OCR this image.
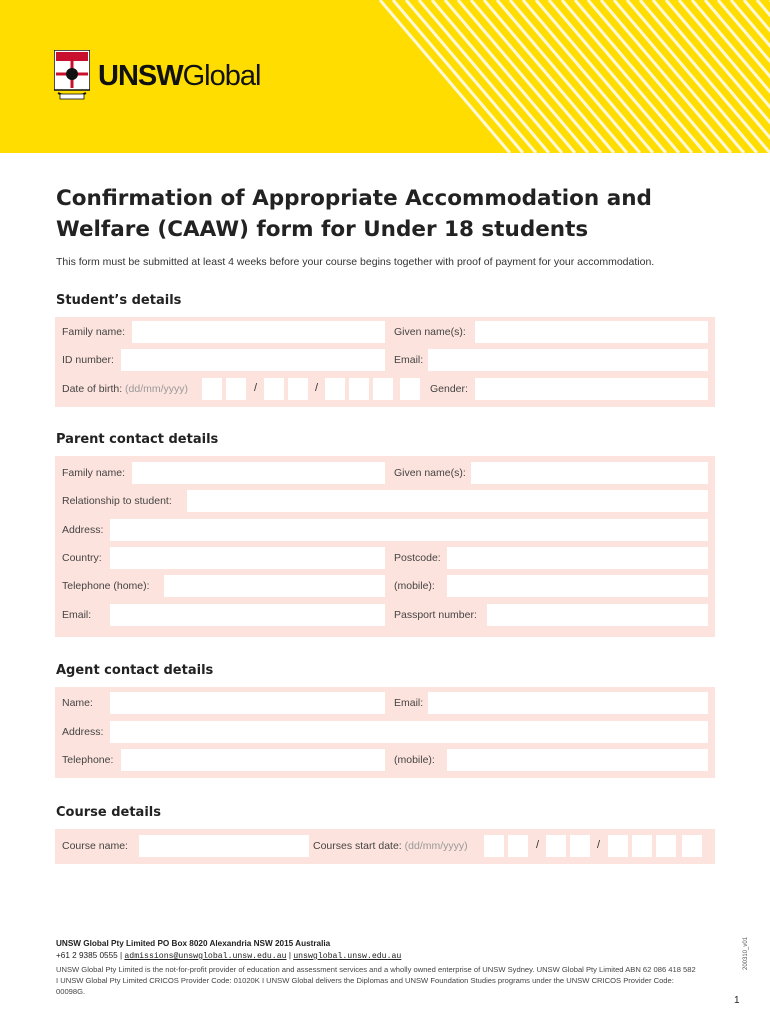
UNSWGlobal
Confirmation of Appropriate Accommodation and Welfare (CAAW) form for Under 18 students

This form must be submitted at least 4 weeks before your course begins together with proof of payment for your accommodation.

Student’s details
Family name:	Given name(s):
ID number:	Email:
Date of birth: (dd/mm/yyyy)	/	/	Gender:
Parent contact details
Family name:	Given name(s):
Relationship to student:
Address:
Country:	Postcode:
Telephone (home):	(mobile):
Email:	Passport number:
Agent contact details
Name:	Email:
Address:
Telephone:	(mobile):
Course details
Course name:	Courses start date: (dd/mm/yyyy)	/	/

UNSW Global Pty Limited PO Box 8020 Alexandria NSW 2015 Australia

+61 2 9385 0555 | admissions@unswglobal.unsw.edu.au | unswglobal.unsw.edu.au

UNSW Global Pty Limited is the not-for-profit provider of education and assessment services and a wholly owned enterprise of UNSW Sydney. UNSW Global Pty Limited ABN 62 086 418 582 I UNSW Global Pty Limited CRICOS Provider Code: 01020K I UNSW Global delivers the Diplomas and UNSW Foundation Studies programs under the UNSW CRICOS Provider Code: 00098G.

200310_v01
1
